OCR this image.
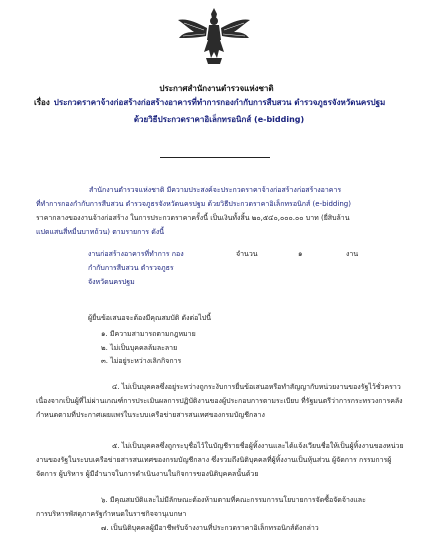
ประกาศสำนักงานตำรวจแห่งชาติ
เรื่อง ประกวดราคาจ้างก่อสร้างก่อสร้างอาคารที่ทำการกองกำกับการสืบสวน ตำรวจภูธรจังหวัดนครปฐม
ด้วยวิธีประกวดราคาอิเล็กทรอนิกส์ (e-bidding)
สำนักงานตำรวจแห่งชาติ มีความประสงค์จะประกวดราคาจ้างก่อสร้างก่อสร้างอาคาร
ที่ทำการกองกำกับการสืบสวน ตำรวจภูธรจังหวัดนครปฐม ด้วยวิธีประกวดราคาอิเล็กทรอนิกส์ (e-bidding)
ราคากลางของงานจ้างก่อสร้าง ในการประกวดราคาครั้งนี้ เป็นเงินทั้งสิ้น ๒๐,๕๔๐,๐๐๐.๐๐ บาท (ยี่สิบล้าน
แปดแสนสี่หมื่นบาทถ้วน) ตามรายการ ดังนี้
งานก่อสร้างอาคารที่ทำการ กอง
กำกับการสืบสวน ตำรวจภูธร
จังหวัดนครปฐม
จำนวน	๑	งาน
ผู้ยื่นข้อเสนอจะต้องมีคุณสมบัติ ดังต่อไปนี้
๑. มีความสามารถตามกฎหมาย
๒. ไม่เป็นบุคคลล้มละลาย
๓. ไม่อยู่ระหว่างเลิกกิจการ
๔. ไม่เป็นบุคคลซึ่งอยู่ระหว่างถูกระงับการยื่นข้อเสนอหรือทำสัญญากับหน่วยงานของรัฐไว้ชั่วคราว เนื่องจากเป็นผู้ที่ไม่ผ่านเกณฑ์การประเมินผลการปฏิบัติงานของผู้ประกอบการตามระเบียบ ที่รัฐมนตรีว่าการกระทรวงการคลังกำหนดตามที่ประกาศเผยแพร่ในระบบเครือข่ายสารสนเทศของกรมบัญชีกลาง
๕. ไม่เป็นบุคคลซึ่งถูกระบุชื่อไว้ในบัญชีรายชื่อผู้ทิ้งงานและได้แจ้งเวียนชื่อให้เป็นผู้ทิ้งงานของหน่วยงานของรัฐในระบบเครือข่ายสารสนเทศของกรมบัญชีกลาง ซึ่งรวมถึงนิติบุคคลที่ผู้ทิ้งงานเป็นหุ้นส่วน ผู้จัดการ กรรมการผู้จัดการ ผู้บริหาร ผู้มีอำนาจในการดำเนินงานในกิจการของนิติบุคคลนั้นด้วย
๖. มีคุณสมบัติและไม่มีลักษณะต้องห้ามตามที่คณะกรรมการนโยบายการจัดซื้อจัดจ้างและ
การบริหารพัสดุภาครัฐกำหนดในราชกิจจานุเบกษา
๗. เป็นนิติบุคคลผู้มีอาชีพรับจ้างงานที่ประกวดราคาอิเล็กทรอนิกส์ดังกล่าว
